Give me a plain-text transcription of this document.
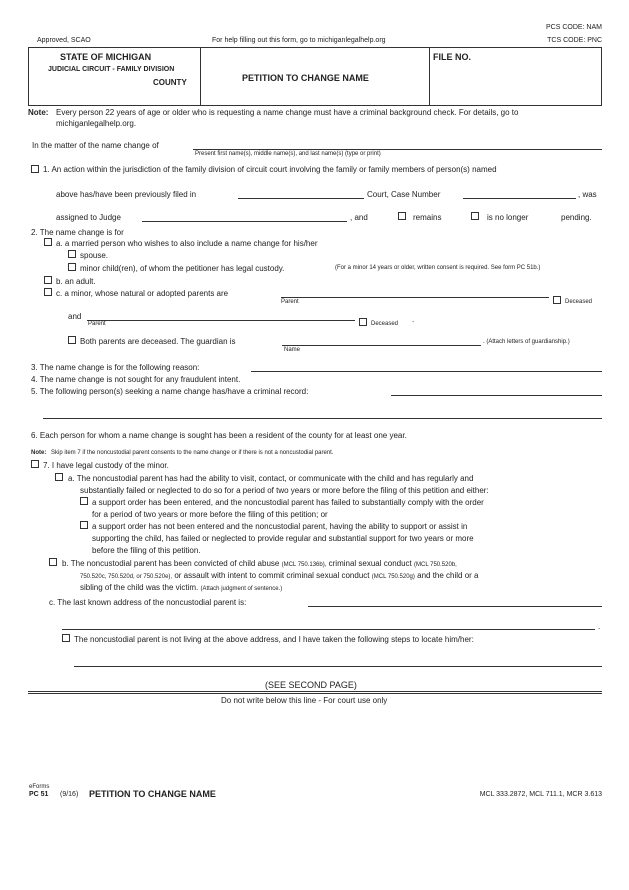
Approved, SCAO	For help filling out this form, go to michiganlegalhelp.org
PCS CODE: NAM
TCS CODE: PNC
STATE OF MICHIGAN
JUDICIAL CIRCUIT - FAMILY DIVISION
COUNTY	PETITION TO CHANGE NAME
FILE NO.
Note: Every person 22 years of age or older who is requesting a name change must have a criminal background check. For details, go to
michiganlegalhelp.org.
In the matter of the name change of
Present first name(s), middle name(s), and last name(s) (type or print)
1. An action within the jurisdiction of the family division of circuit court involving the family or family members of person(s) named
above has/have been previously filed in	Court, Case Number	, was
assigned to Judge	, and	remains	is no longer	pending.
2. The name change is for
a. a married person who wishes to also include a name change for his/her
spouse.
minor child(ren), of whom the petitioner has legal custody.	(For a minor 14 years or older, written consent is required. See form PC 51b.)
b. an adult.
c. a minor, whose natural or adopted parents are
Parent	Deceased
and
Parent	Deceased .
Both parents are deceased. The guardian is
Name
. (Attach letters of guardianship.)
3. The name change is for the following reason:
4. The name change is not sought for any fraudulent intent.
5. The following person(s) seeking a name change has/have a criminal record:
6. Each person for whom a name change is sought has been a resident of the county for at least one year.
Note: Skip item 7 if the noncustodial parent consents to the name change or if there is not a noncustodial parent.
7. I have legal custody of the minor.
a. The noncustodial parent has had the ability to visit, contact, or communicate with the child and has regularly and
substantially failed or neglected to do so for a period of two years or more before the filing of this petition and either:
a support order has been entered, and the noncustodial parent has failed to substantially comply with the order
for a period of two years or more before the filing of this petition; or
a support order has not been entered and the noncustodial parent, having the ability to support or assist in
supporting the child, has failed or neglected to provide regular and substantial support for two years or more
before the filing of this petition.
b. The noncustodial parent has been convicted of child abuse (MCL 750.136b), criminal sexual conduct (MCL 750.520b,
750.520c, 750.520d, or 750.520e), or assault with intent to commit criminal sexual conduct (MCL 750.520g) and the child or a
sibling of the child was the victim. (Attach judgment of sentence.)
c. The last known address of the noncustodial parent is:
.
The noncustodial parent is not living at the above address, and I have taken the following steps to locate him/her:
(SEE SECOND PAGE)
Do not write below this line - For court use only
eForms
PC 51 (9/16) PETITION TO CHANGE NAME	MCL 333.2872, MCL 711.1, MCR 3.613
